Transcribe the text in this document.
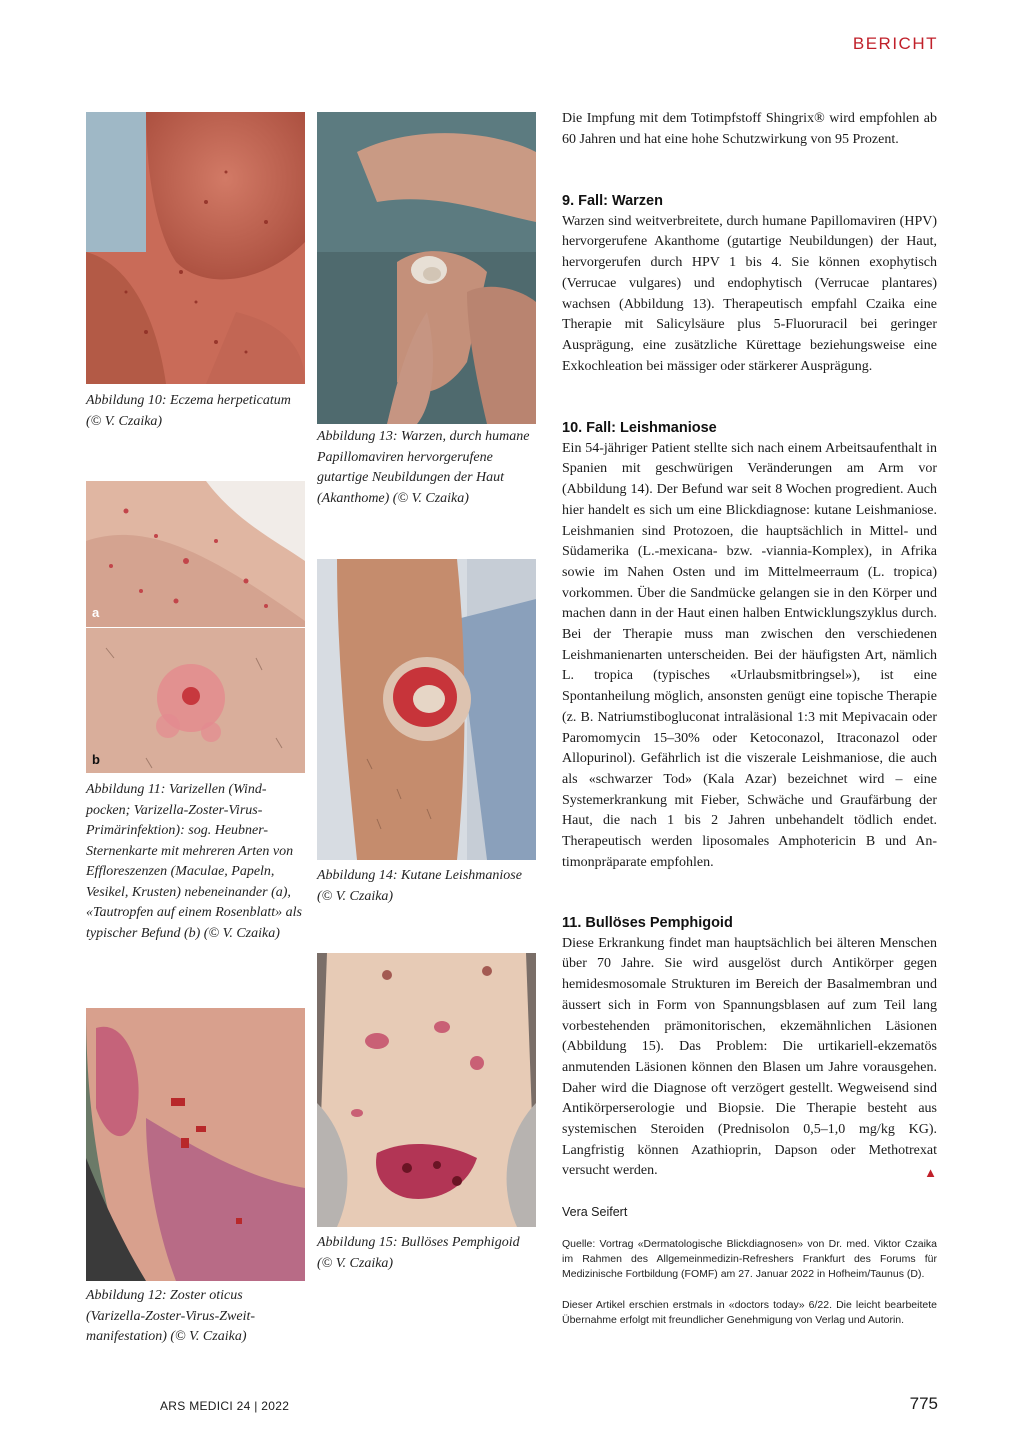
BERICHT
Abbildung 10: Eczema herpeticatum (© V. Czaika)
a
b
Abbildung 11: Varizellen (Windpocken; Varizella-Zoster-Virus-Primärinfektion): sog. Heubner-Sternenkarte mit mehreren Arten von Effloreszenzen (Maculae, Papeln, Vesikel, Krusten) nebeneinander (a), «Tautropfen auf einem Rosenblatt» als typischer Befund (b) (© V. Czaika)
Abbildung 12: Zoster oticus (Varizella-Zoster-Virus-Zweitmanifestation) (© V. Czaika)
Abbildung 13: Warzen, durch humane Papillomaviren hervorgerufene gutartige Neubildungen der Haut (Akanthome) (© V. Czaika)
Abbildung 14: Kutane Leishmaniose (© V. Czaika)
Abbildung 15: Bullöses Pemphigoid (© V. Czaika)

Die Impfung mit dem Totimpfstoff Shingrix® wird empfohlen ab 60 Jahren und hat eine hohe Schutzwirkung von 95 Prozent.

9. Fall: Warzen

Warzen sind weitverbreitete, durch humane Papillomaviren (HPV) hervorgerufene Akanthome (gutartige Neubildungen) der Haut, hervorgerufen durch HPV 1 bis 4. Sie können exophytisch (Verrucae vulgares) und endophytisch (Verrucae plantares) wachsen (Abbildung 13). Therapeutisch empfahl Czaika eine Therapie mit Salicylsäure plus 5-Fluoruracil bei geringer Ausprägung, eine zusätzliche Kürettage beziehungsweise eine Exkochleation bei mässiger oder stärkerer Ausprägung.

10. Fall: Leishmaniose

Ein 54-jähriger Patient stellte sich nach einem Arbeitsaufenthalt in Spanien mit geschwürigen Veränderungen am Arm vor (Abbildung 14). Der Befund war seit 8 Wochen progredient. Auch hier handelt es sich um eine Blickdiagnose: kutane Leishmaniose. Leishmanien sind Protozoen, die hauptsächlich in Mittel- und Südamerika (L.-mexicana- bzw. -viannia-Komplex), in Afrika sowie im Nahen Osten und im Mittelmeerraum (L. tropica) vorkommen. Über die Sandmücke gelangen sie in den Körper und machen dann in der Haut einen halben Entwicklungszyklus durch. Bei der Therapie muss man zwischen den verschiedenen Leishmanienarten unterscheiden. Bei der häufigsten Art, nämlich L. tropica (typisches «Urlaubsmitbringsel»), ist eine Spontanheilung möglich, ansonsten genügt eine topische Therapie (z. B. Natriumstibogluconat intraläsional 1:3 mit Mepivacain oder Paromomycin 15–30% oder Ketoconazol, Itraconazol oder Allopurinol). Gefährlich ist die viszerale Leishmaniose, die auch als «schwarzer Tod» (Kala Azar) bezeichnet wird – eine Systemerkrankung mit Fieber, Schwäche und Graufärbung der Haut, die nach 1 bis 2 Jahren unbehandelt tödlich endet. Therapeutisch werden liposomales Amphotericin B und Antimonpräparate empfohlen.

11. Bullöses Pemphigoid

Diese Erkrankung findet man hauptsächlich bei älteren Menschen über 70 Jahre. Sie wird ausgelöst durch Antikörper gegen hemidesmosomale Strukturen im Bereich der Basalmembran und äussert sich in Form von Spannungsblasen auf zum Teil lang vorbestehenden prämonitorischen, ekzemähnlichen Läsionen (Abbildung 15). Das Problem: Die urtikariell-ekzematös anmutenden Läsionen können den Blasen um Jahre vorausgehen. Daher wird die Diagnose oft verzögert gestellt. Wegweisend sind Antikörperserologie und Biopsie. Die Therapie besteht aus systemischen Steroiden (Prednisolon 0,5–1,0 mg/kg KG). Langfristig können Azathioprin, Dapson oder Methotrexat versucht werden.	▲

Vera Seifert
Quelle: Vortrag «Dermatologische Blickdiagnosen» von Dr. med. Viktor Czaika im Rahmen des Allgemeinmedizin-Refreshers Frankfurt des Forums für Medizinische Fortbildung (FOMF) am 27. Januar 2022 in Hofheim/Taunus (D).
Dieser Artikel erschien erstmals in «doctors today» 6/22. Die leicht bearbeitete Übernahme erfolgt mit freundlicher Genehmigung von Verlag und Autorin.
ARS MEDICI 24 | 2022	775
